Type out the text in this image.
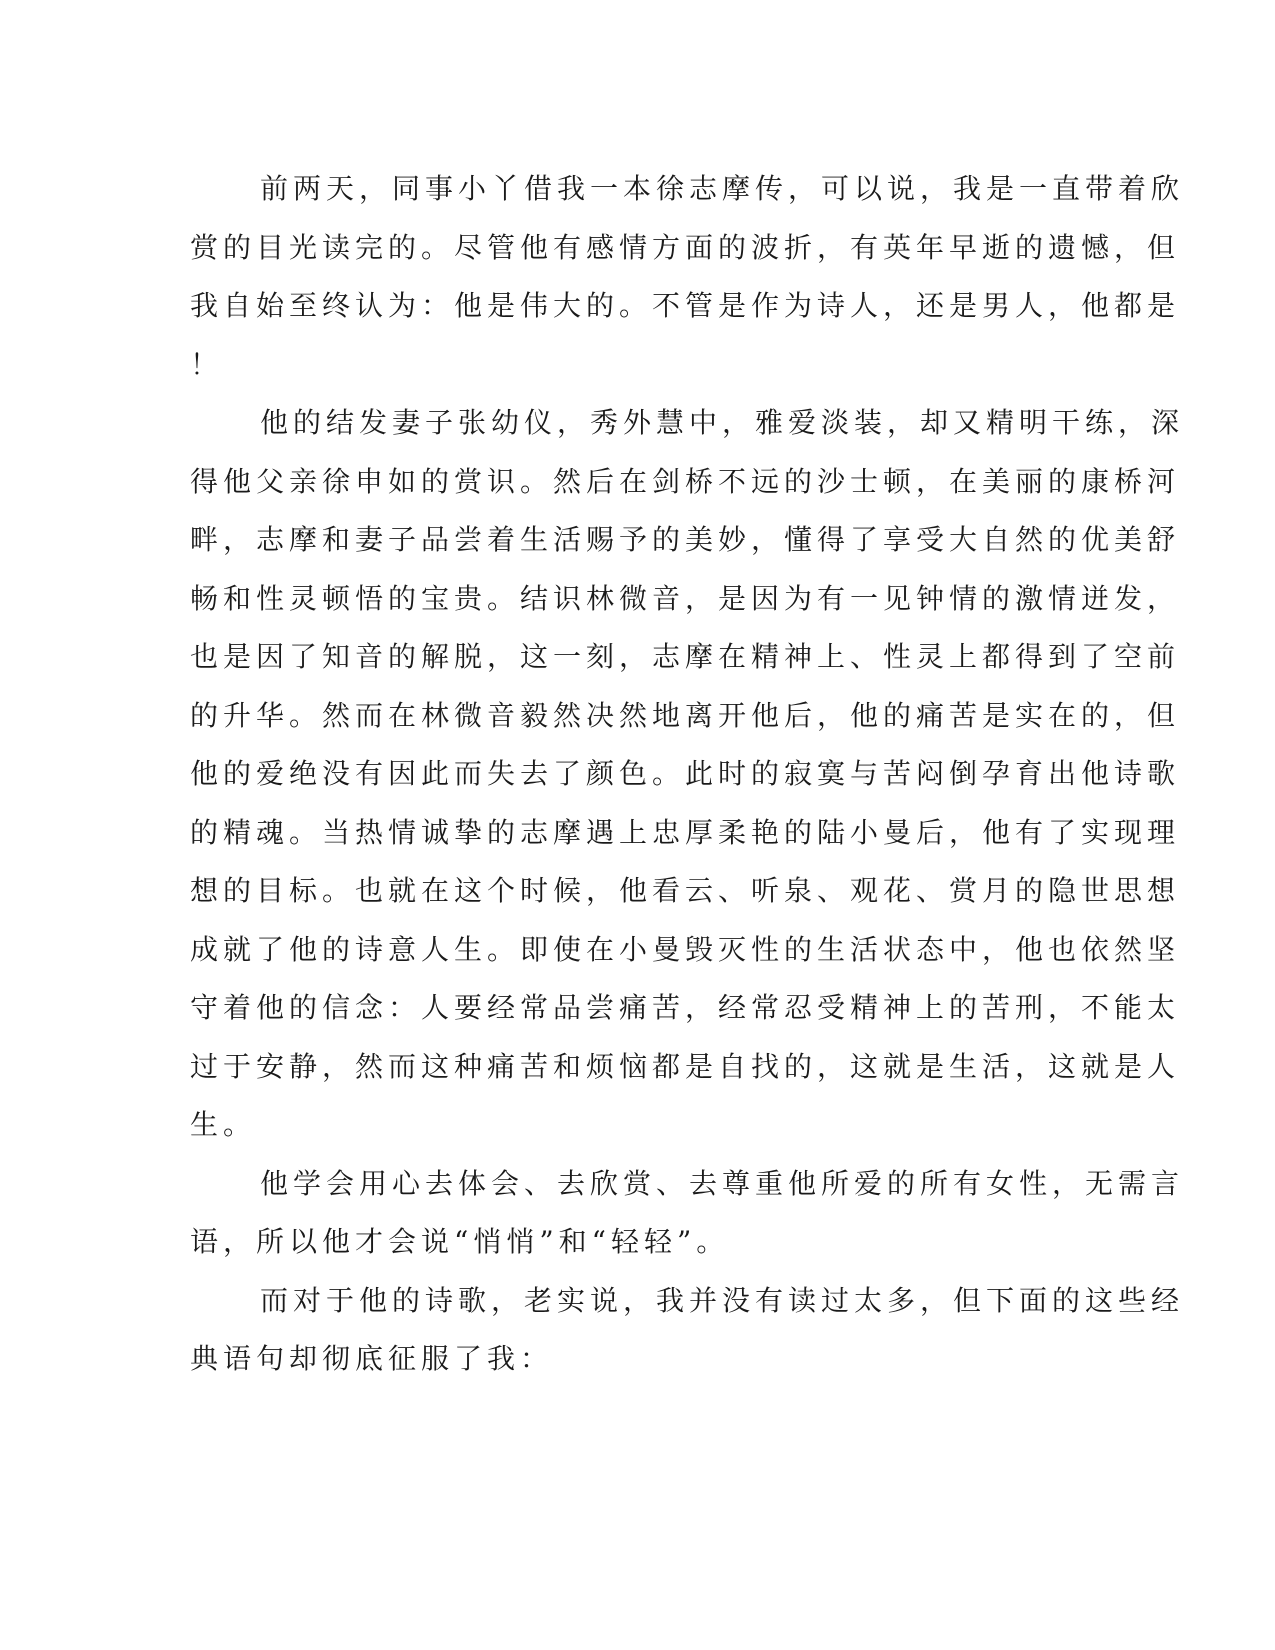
前两天，同事小丫借我一本徐志摩传，可以说，我是一直带着欣
赏的目光读完的。尽管他有感情方面的波折，有英年早逝的遗憾，但
我自始至终认为：他是伟大的。不管是作为诗人，还是男人，他都是
！
他的结发妻子张幼仪，秀外慧中，雅爱淡装，却又精明干练，深
得他父亲徐申如的赏识。然后在剑桥不远的沙士顿，在美丽的康桥河
畔，志摩和妻子品尝着生活赐予的美妙，懂得了享受大自然的优美舒
畅和性灵顿悟的宝贵。结识林微音，是因为有一见钟情的激情迸发，
也是因了知音的解脱，这一刻，志摩在精神上、性灵上都得到了空前
的升华。然而在林微音毅然决然地离开他后，他的痛苦是实在的，但
他的爱绝没有因此而失去了颜色。此时的寂寞与苦闷倒孕育出他诗歌
的精魂。当热情诚挚的志摩遇上忠厚柔艳的陆小曼后，他有了实现理
想的目标。也就在这个时候，他看云、听泉、观花、赏月的隐世思想
成就了他的诗意人生。即使在小曼毁灭性的生活状态中，他也依然坚
守着他的信念：人要经常品尝痛苦，经常忍受精神上的苦刑，不能太
过于安静，然而这种痛苦和烦恼都是自找的，这就是生活，这就是人
生。
他学会用心去体会、去欣赏、去尊重他所爱的所有女性，无需言
语，所以他才会说“悄悄”和“轻轻”。
而对于他的诗歌，老实说，我并没有读过太多，但下面的这些经
典语句却彻底征服了我：
